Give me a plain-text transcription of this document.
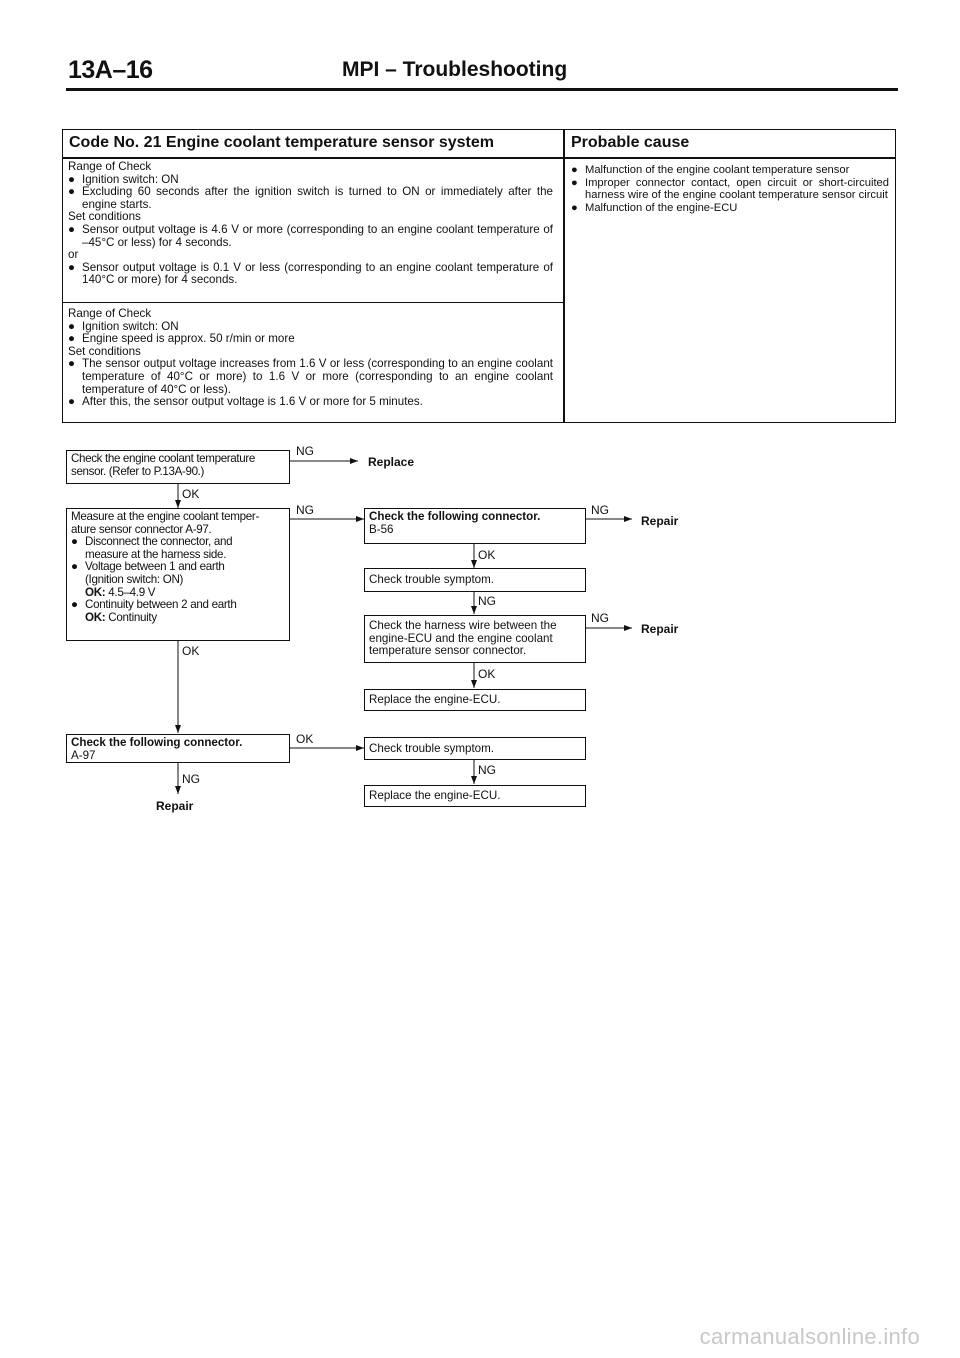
13A–16	MPI – Troubleshooting
Code No. 21 Engine coolant temperature sensor system	Probable cause
Range of Check
● Ignition switch: ON
● Excluding 60 seconds after the ignition switch is turned to ON or immediately after the engine starts.
Set conditions
● Sensor output voltage is 4.6 V or more (corresponding to an engine coolant temperature of –45°C or less) for 4 seconds.
or
● Sensor output voltage is 0.1 V or less (corresponding to an engine coolant temperature of 140°C or more) for 4 seconds.
Range of Check
● Ignition switch: ON
● Engine speed is approx. 50 r/min or more
Set conditions
● The sensor output voltage increases from 1.6 V or less (corresponding to an engine coolant temperature of 40°C or more) to 1.6 V or more (corresponding to an engine coolant temperature of 40°C or less).
● After this, the sensor output voltage is 1.6 V or more for 5 minutes.
● Malfunction of the engine coolant temperature sensor
● Improper connector contact, open circuit or short-circuited harness wire of the engine coolant temperature sensor circuit
● Malfunction of the engine-ECU
Check the engine coolant temperature
sensor. (Refer to P.13A-90.)
Measure at the engine coolant temper-
ature sensor connector A-97.
● Disconnect the connector, and
measure at the harness side.
● Voltage between 1 and earth
(Ignition switch: ON)
OK: 4.5–4.9 V
● Continuity between 2 and earth
OK: Continuity
Check the following connector.
A-97
Check the following connector.
B-56
Check trouble symptom.
Check the harness wire between the
engine-ECU and the engine coolant
temperature sensor connector.
Replace the engine-ECU.
Check trouble symptom.
Replace the engine-ECU.
NG
Replace
OK
NG
OK
OK
NG
Repair
NG
NG
Repair
OK
OK
NG
NG
Repair
carmanualsonline.info
